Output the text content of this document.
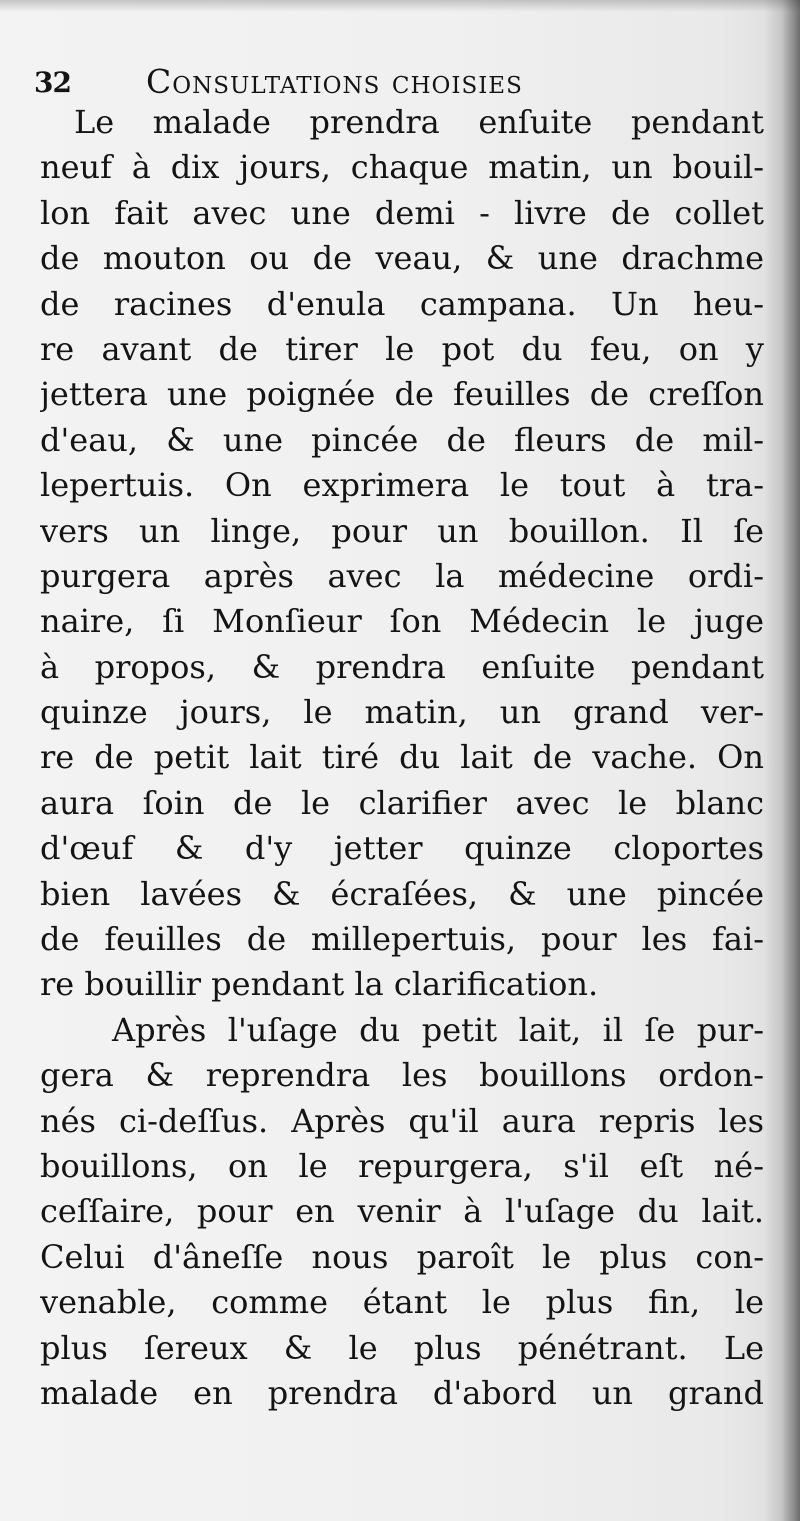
32 Consultations choisies
Le malade prendra enſuite pendant
neuf à dix jours, chaque matin, un bouil-
lon fait avec une demi - livre de collet
de mouton ou de veau, & une drachme
de racines d'enula campana. Un heu-
re avant de tirer le pot du feu, on y
jettera une poignée de feuilles de creſſon
d'eau, & une pincée de fleurs de mil-
lepertuis. On exprimera le tout à tra-
vers un linge, pour un bouillon. Il ſe
purgera après avec la médecine ordi-
naire, ſi Monſieur ſon Médecin le juge
à propos, & prendra enſuite pendant
quinze jours, le matin, un grand ver-
re de petit lait tiré du lait de vache. On
aura ſoin de le clarifier avec le blanc
d'œuf & d'y jetter quinze cloportes
bien lavées & écraſées, & une pincée
de feuilles de millepertuis, pour les fai-
re bouillir pendant la clarification.
Après l'uſage du petit lait, il ſe pur-
gera & reprendra les bouillons ordon-
nés ci-deſſus. Après qu'il aura repris les
bouillons, on le repurgera, s'il eſt né-
ceſſaire, pour en venir à l'uſage du lait.
Celui d'âneſſe nous paroît le plus con-
venable, comme étant le plus fin, le
plus ſereux & le plus pénétrant. Le
malade en prendra d'abord un grand
